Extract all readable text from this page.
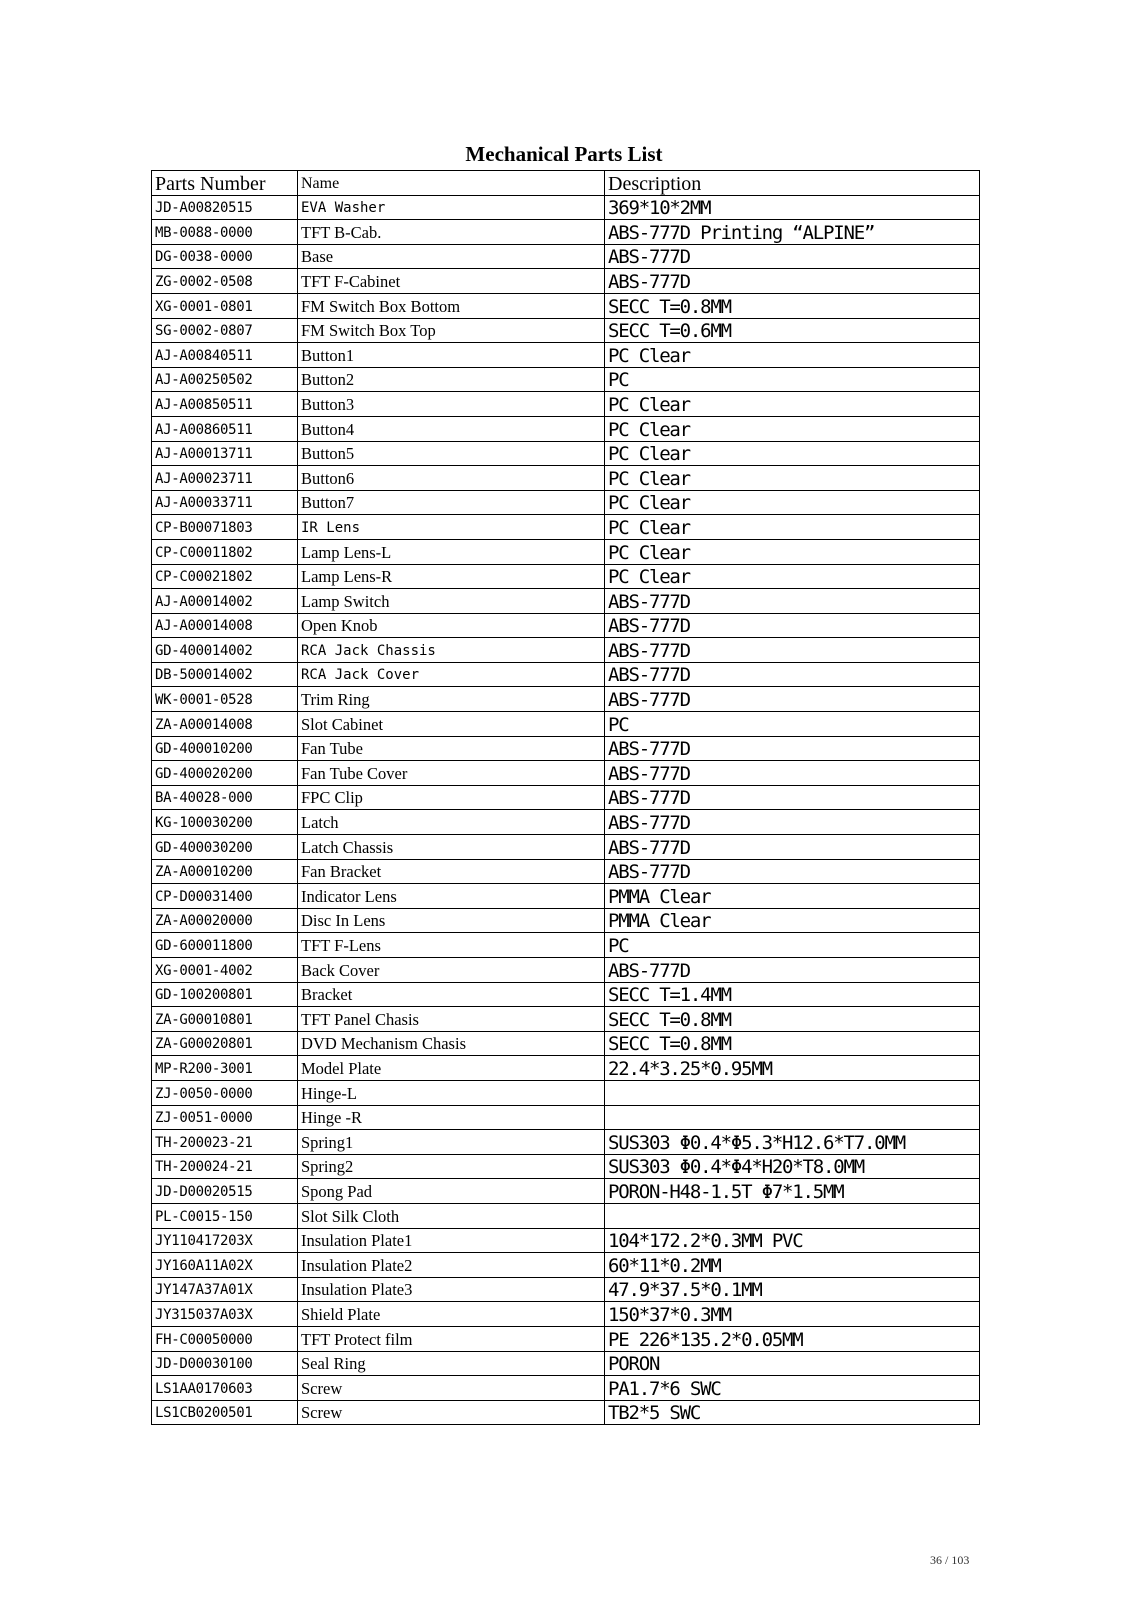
Mechanical Parts List
Parts Number	Name	Description
JD-A00820515	EVA Washer	369*10*2MM
MB-0088-0000	TFT B-Cab.	ABS-777D Printing “ALPINE”
DG-0038-0000	Base	ABS-777D
ZG-0002-0508	TFT F-Cabinet	ABS-777D
XG-0001-0801	FM Switch Box Bottom	SECC T=0.8MM
SG-0002-0807	FM Switch Box Top	SECC T=0.6MM
AJ-A00840511	Button1	PC Clear
AJ-A00250502	Button2	PC
AJ-A00850511	Button3	PC Clear
AJ-A00860511	Button4	PC Clear
AJ-A00013711	Button5	PC Clear
AJ-A00023711	Button6	PC Clear
AJ-A00033711	Button7	PC Clear
CP-B00071803	IR Lens	PC Clear
CP-C00011802	Lamp Lens-L	PC Clear
CP-C00021802	Lamp Lens-R	PC Clear
AJ-A00014002	Lamp Switch	ABS-777D
AJ-A00014008	Open Knob	ABS-777D
GD-400014002	RCA Jack Chassis	ABS-777D
DB-500014002	RCA Jack Cover	ABS-777D
WK-0001-0528	Trim Ring	ABS-777D
ZA-A00014008	Slot Cabinet	PC
GD-400010200	Fan Tube	ABS-777D
GD-400020200	Fan Tube Cover	ABS-777D
BA-40028-000	FPC Clip	ABS-777D
KG-100030200	Latch	ABS-777D
GD-400030200	Latch Chassis	ABS-777D
ZA-A00010200	Fan Bracket	ABS-777D
CP-D00031400	Indicator Lens	PMMA Clear
ZA-A00020000	Disc In Lens	PMMA Clear
GD-600011800	TFT F-Lens	PC
XG-0001-4002	Back Cover	ABS-777D
GD-100200801	Bracket	SECC T=1.4MM
ZA-G00010801	TFT Panel Chasis	SECC T=0.8MM
ZA-G00020801	DVD Mechanism Chasis	SECC T=0.8MM
MP-R200-3001	Model Plate	22.4*3.25*0.95MM
ZJ-0050-0000	Hinge-L	
ZJ-0051-0000	Hinge -R	
TH-200023-21	Spring1	SUS303 Φ0.4*Φ5.3*H12.6*T7.0MM
TH-200024-21	Spring2	SUS303 Φ0.4*Φ4*H20*T8.0MM
JD-D00020515	Spong Pad	PORON-H48-1.5T Φ7*1.5MM
PL-C0015-150	Slot Silk Cloth	
JY110417203X	Insulation Plate1	104*172.2*0.3MM PVC
JY160A11A02X	Insulation Plate2	60*11*0.2MM
JY147A37A01X	Insulation Plate3	47.9*37.5*0.1MM
JY315037A03X	Shield Plate	150*37*0.3MM
FH-C00050000	TFT Protect film	PE 226*135.2*0.05MM
JD-D00030100	Seal Ring	PORON
LS1AA0170603	Screw	PA1.7*6 SWC
LS1CB0200501	Screw	TB2*5 SWC
36 / 103
